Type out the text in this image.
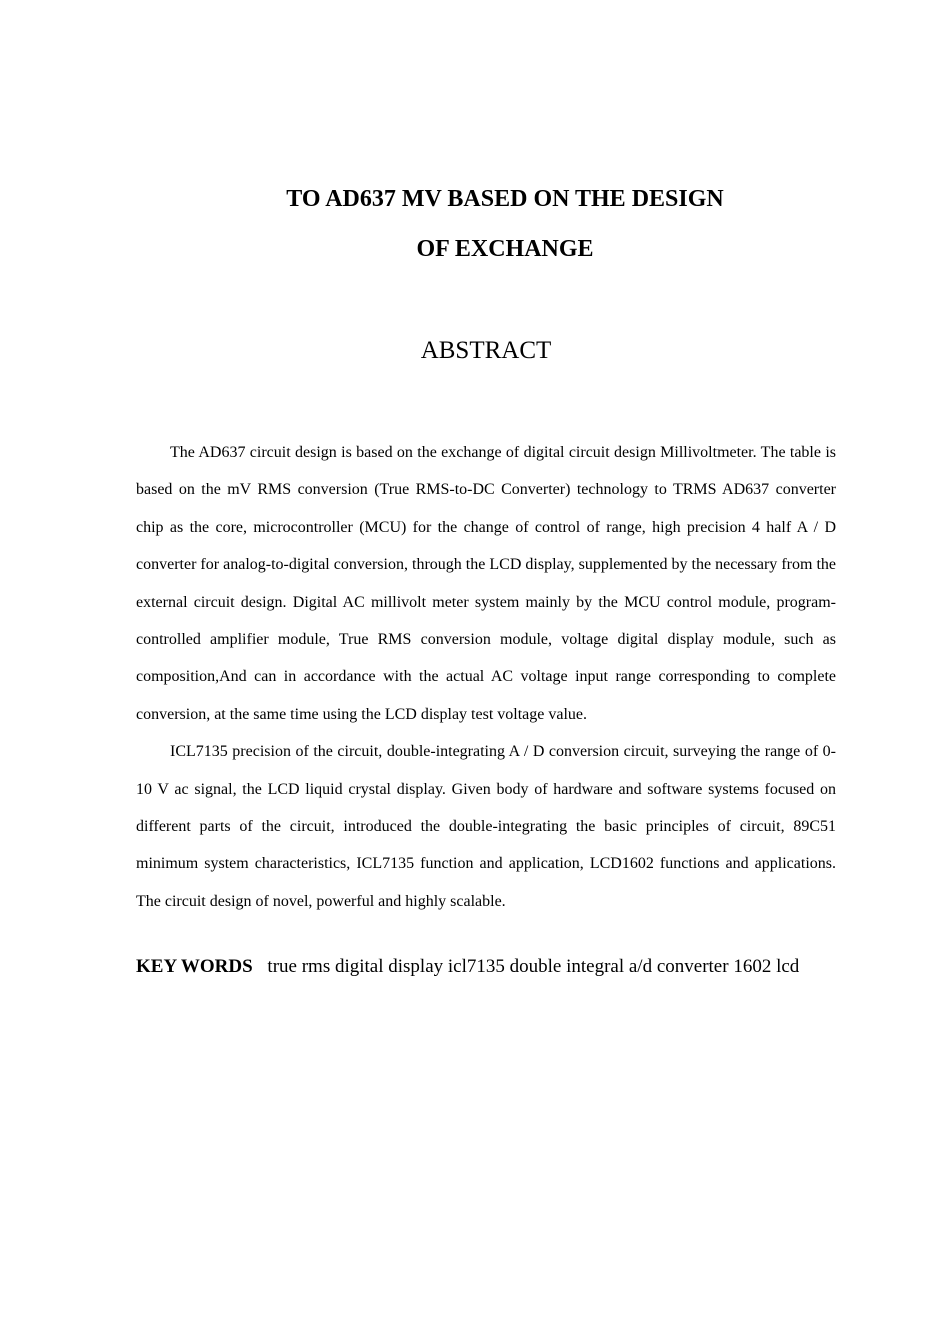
TO AD637 MV BASED ON THE DESIGN
OF EXCHANGE
ABSTRACT

The AD637 circuit design is based on the exchange of digital circuit design Millivoltmeter. The table is based on the mV RMS conversion (True RMS-to-DC Converter) technology to TRMS AD637 converter chip as the core, microcontroller (MCU) for the change of control of range, high precision 4 half A / D converter for analog-to-digital conversion, through the LCD display, supplemented by the necessary from the external circuit design. Digital AC millivolt meter system mainly by the MCU control module, program-controlled amplifier module, True RMS conversion module, voltage digital display module, such as composition,And can in accordance with the actual AC voltage input range corresponding to complete conversion, at the same time using the LCD display test voltage value.

ICL7135 precision of the circuit, double-integrating A / D conversion circuit, surveying the range of 0-10 V ac signal, the LCD liquid crystal display. Given body of hardware and software systems focused on different parts of the circuit, introduced the double-integrating the basic principles of circuit, 89C51 minimum system characteristics, ICL7135 function and application, LCD1602 functions and applications. The circuit design of novel, powerful and highly scalable.

KEY WORDS true rms digital display icl7135 double integral a/d converter 1602 lcd
